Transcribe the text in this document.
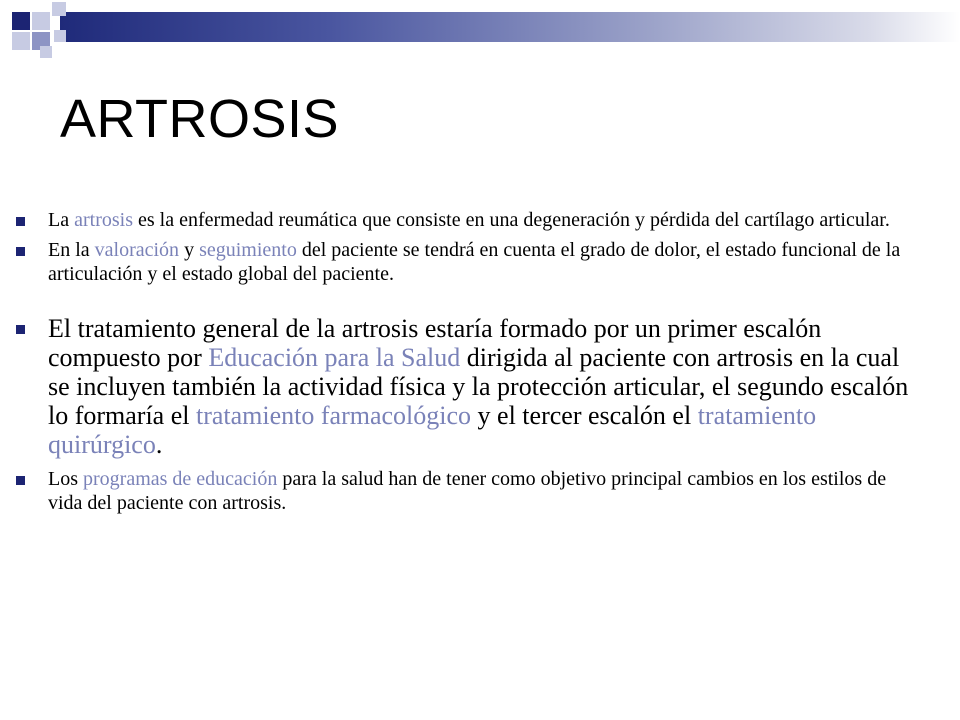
ARTROSIS
La artrosis es la enfermedad reumática que consiste en una degeneración y pérdida del cartílago articular.
En la valoración y seguimiento del paciente se tendrá en cuenta el grado de dolor, el estado funcional de la articulación y el estado global del paciente.
El tratamiento general de la artrosis estaría formado por un primer escalón compuesto por Educación para la Salud dirigida al paciente con artrosis en la cual se incluyen también la actividad física y la protección articular, el segundo escalón lo formaría el tratamiento farmacológico y el tercer escalón el tratamiento quirúrgico.
Los programas de educación para la salud han de tener como objetivo principal cambios en los estilos de vida del paciente con artrosis.
